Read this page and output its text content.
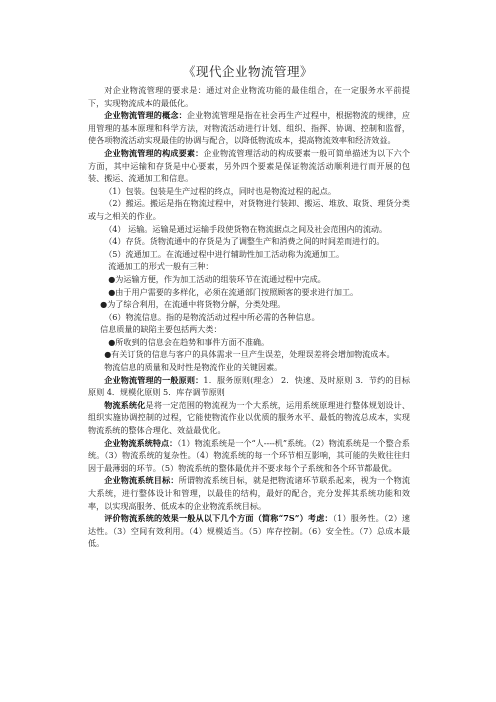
《现代企业物流管理》

对企业物流管理的要求是：通过对企业物流功能的最佳组合，在一定服务水平前提下，实现物流成本的最低化。

企业物流管理的概念：企业物流管理是指在社会再生产过程中，根据物流的规律，应用管理的基本原理和科学方法，对物流活动进行计划、组织、指挥、协调、控制和监督，使各项物流活动实现最佳的协调与配合，以降低物流成本，提高物流效率和经济效益。

企业物流管理的构成要素：企业物流管理活动的构成要素一般可简单描述为以下六个方面，其中运输和存货是中心要素，另外四个要素是保证物流活动顺利进行而开展的包装、搬运、流通加工和信息。

（1）包装。包装是生产过程的终点，同时也是物流过程的起点。

（2）搬运。搬运是指在物流过程中，对货物进行装卸、搬运、堆放、取货、理货分类或与之相关的作业。

（4） 运输。运输是通过运输手段使货物在物流据点之间及社会范围内的流动。

（4）存货。货物流通中的存货是为了调整生产和消费之间的时间差而进行的。

（5）流通加工。在流通过程中进行辅助性加工活动称为流通加工。

流通加工的形式一般有三种：

●为运输方便，作为加工活动的组装环节在流通过程中完成。

●由于用户需要的多样化，必须在流通部门按照顾客的要求进行加工。

●为了综合利用，在流通中将货物分解，分类处理。

（6）物流信息。指的是物流活动过程中所必需的各种信息。

信息质量的缺陷主要包括两大类：

●所收到的信息会在趋势和事件方面不准确。

●有关订货的信息与客户的具体需求一旦产生误差，处理误差将会增加物流成本。

物流信息的质量和及时性是物流作业的关键因素。

企业物流管理的一般原则：1．服务原则(理念） 2．快速、及时原则 3．节约的目标原则 4．规模化原则 5．库存调节原则

物流系统化是将一定范围的物流视为一个大系统，运用系统原理进行整体规划设计、组织实施协调控制的过程，它能使物流作业以优质的服务水平、最低的物流总成本，实现物流系统的整体合理化、效益最优化。

企业物流系统特点：（1）物流系统是一个“人----机”系统。（2）物流系统是一个整合系统。（3）物流系统的复杂性。（4）物流系统的每一个环节相互影响，其可能的失败往往归因于最薄弱的环节。（5）物流系统的整体最优并不要求每个子系统和各个环节都最优。

企业物流系统目标：所谓物流系统目标，就是把物流诸环节联系起来，视为一个物流大系统，进行整体设计和管理，以最佳的结构，最好的配合，充分发挥其系统功能和效率，以实现高服务、低成本的企业物流系统目标。

评价物流系统的效果一般从以下几个方面（简称“7S”）考虑：（1）服务性。（2）速达性。（3）空间有效利用。（4）规模适当。（5）库存控制。（6）安全性。（7）总成本最低。
